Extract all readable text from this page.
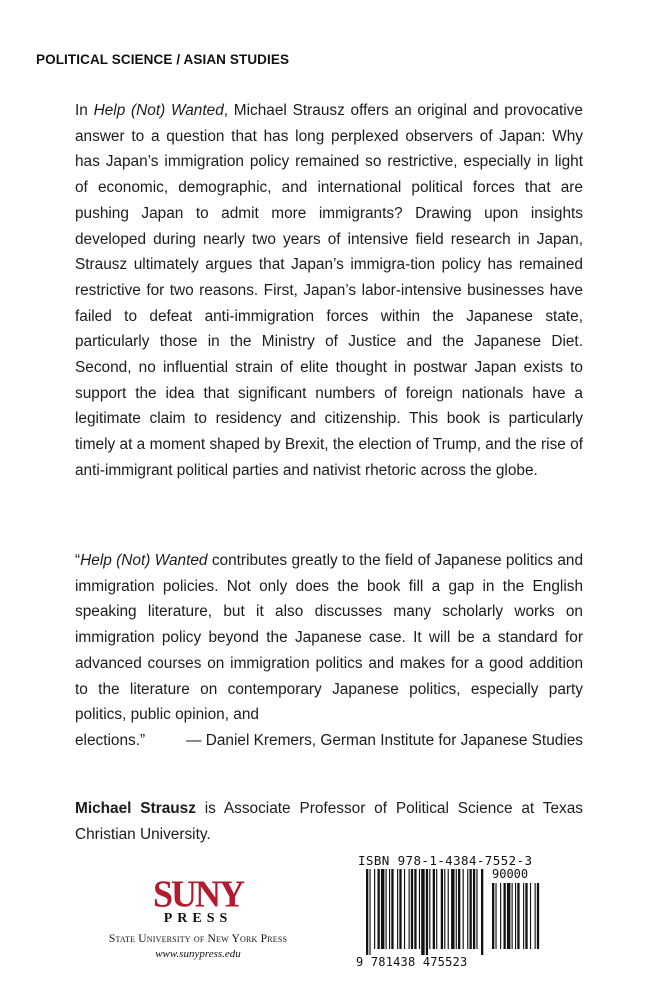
POLITICAL SCIENCE / ASIAN STUDIES

In Help (Not) Wanted, Michael Strausz offers an original and provocative answer to a question that has long perplexed observers of Japan: Why has Japan’s immigration policy remained so restrictive, especially in light of economic, demographic, and international political forces that are pushing Japan to admit more immigrants? Drawing upon insights developed during nearly two years of intensive field research in Japan, Strausz ultimately argues that Japan’s immigra-tion policy has remained restrictive for two reasons. First, Japan’s labor-intensive businesses have failed to defeat anti-immigration forces within the Japanese state, particularly those in the Ministry of Justice and the Japanese Diet. Second, no influential strain of elite thought in postwar Japan exists to support the idea that significant numbers of foreign nationals have a legitimate claim to residency and citizenship. This book is particularly timely at a moment shaped by Brexit, the election of Trump, and the rise of anti-immigrant political parties and nativist rhetoric across the globe.

“Help (Not) Wanted contributes greatly to the field of Japanese politics and immigration policies. Not only does the book fill a gap in the English speaking literature, but it also discusses many scholarly works on immigration policy beyond the Japanese case. It will be a standard for advanced courses on immigration politics and makes for a good addition to the literature on contemporary Japanese politics, especially party politics, public opinion, and
elections.”	— Daniel Kremers, German Institute for Japanese Studies

Michael Strausz is Associate Professor of Political Science at Texas Christian University.

SUNY
PRESS
State University of New York Press
www.sunypress.edu
ISBN 978-1-4384-7552-3
90000
9 781438 475523
